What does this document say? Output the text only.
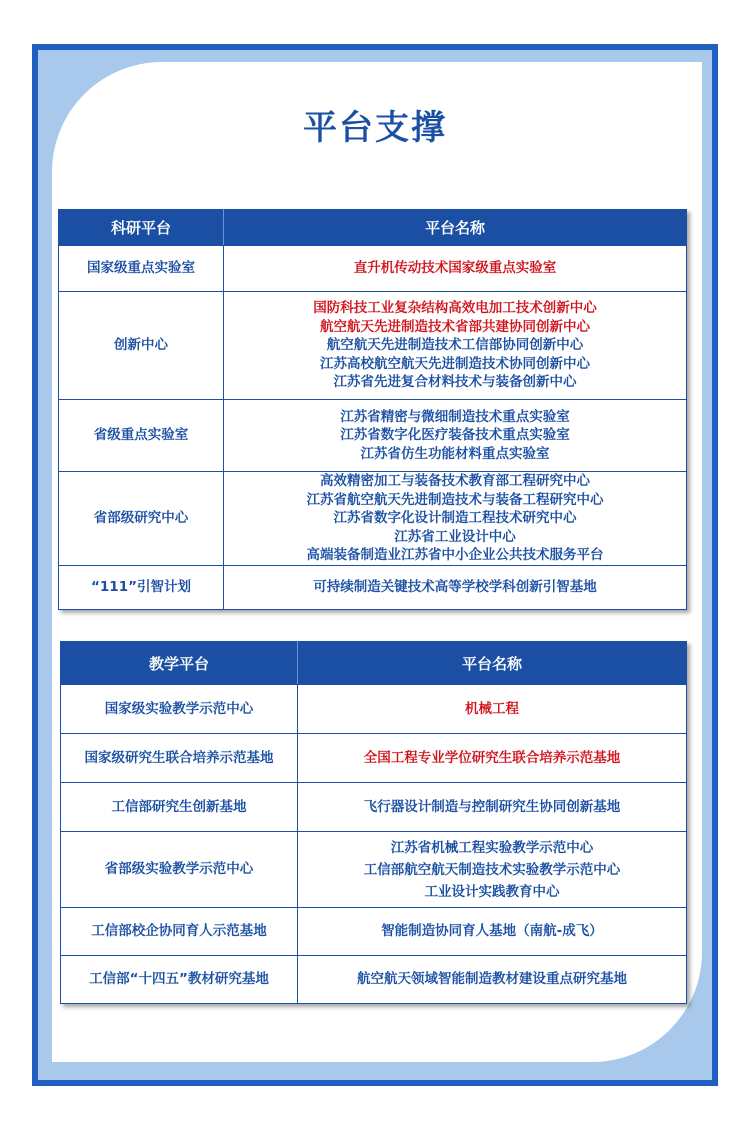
平台支撑
科研平台	平台名称
国家级重点实验室	直升机传动技术国家级重点实验室

创新中心	国防科技工业复杂结构高效电加工技术创新中心
航空航天先进制造技术省部共建协同创新中心
航空航天先进制造技术工信部协同创新中心
江苏高校航空航天先进制造技术协同创新中心
江苏省先进复合材料技术与装备创新中心

省级重点实验室	江苏省精密与微细制造技术重点实验室
江苏省数字化医疗装备技术重点实验室
江苏省仿生功能材料重点实验室

省部级研究中心	高效精密加工与装备技术教育部工程研究中心
江苏省航空航天先进制造技术与装备工程研究中心
江苏省数字化设计制造工程技术研究中心
江苏省工业设计中心
高端装备制造业江苏省中小企业公共技术服务平台

“111”引智计划	可持续制造关键技术高等学校学科创新引智基地
教学平台	平台名称
国家级实验教学示范中心	机械工程

国家级研究生联合培养示范基地	全国工程专业学位研究生联合培养示范基地

工信部研究生创新基地	飞行器设计制造与控制研究生协同创新基地

省部级实验教学示范中心	江苏省机械工程实验教学示范中心
工信部航空航天制造技术实验教学示范中心
工业设计实践教育中心

工信部校企协同育人示范基地	智能制造协同育人基地（南航-成飞）

工信部“十四五”教材研究基地	航空航天领域智能制造教材建设重点研究基地
